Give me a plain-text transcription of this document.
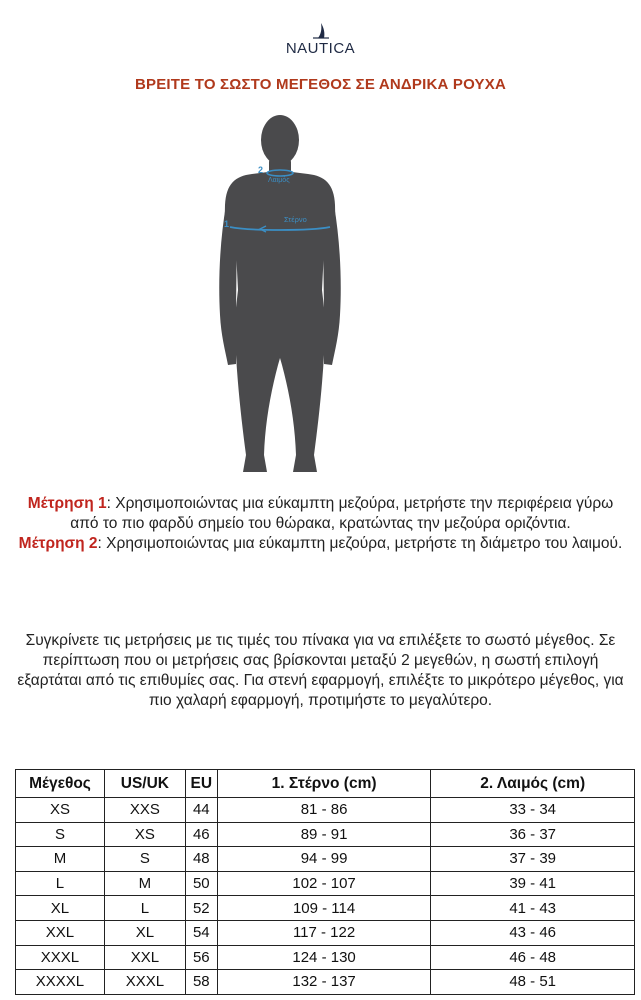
NAUTICA
ΒΡΕΙΤΕ ΤΟ ΣΩΣΤΟ ΜΕΓΕΘΟΣ ΣΕ ΑΝΔΡΙΚΑ ΡΟΥΧΑ
2
Λαιμός
1	Στέρνο

Μέτρηση 1: Χρησιμοποιώντας μια εύκαμπτη μεζούρα, μετρήστε την περιφέρεια γύρω από το πιο φαρδύ σημείο του θώρακα, κρατώντας την μεζούρα οριζόντια.

Μέτρηση 2: Χρησιμοποιώντας μια εύκαμπτη μεζούρα, μετρήστε τη διάμετρο του λαιμού.

Συγκρίνετε τις μετρήσεις με τις τιμές του πίνακα για να επιλέξετε το σωστό μέγεθος. Σε περίπτωση που οι μετρήσεις σας βρίσκονται μεταξύ 2 μεγεθών, η σωστή επιλογή εξαρτάται από τις επιθυμίες σας. Για στενή εφαρμογή, επιλέξτε το μικρότερο μέγεθος, για πιο χαλαρή εφαρμογή, προτιμήστε το μεγαλύτερο.
Μέγεθος	US/UK	EU	1. Στέρνο (cm)	2. Λαιμός (cm)
XS	XXS	44	81 - 86	33 - 34
S	XS	46	89 - 91	36 - 37
M	S	48	94 - 99	37 - 39
L	M	50	102 - 107	39 - 41
XL	L	52	109 - 114	41 - 43
XXL	XL	54	117 - 122	43 - 46
XXXL	XXL	56	124 - 130	46 - 48
XXXXL	XXXL	58	132 - 137	48 - 51
